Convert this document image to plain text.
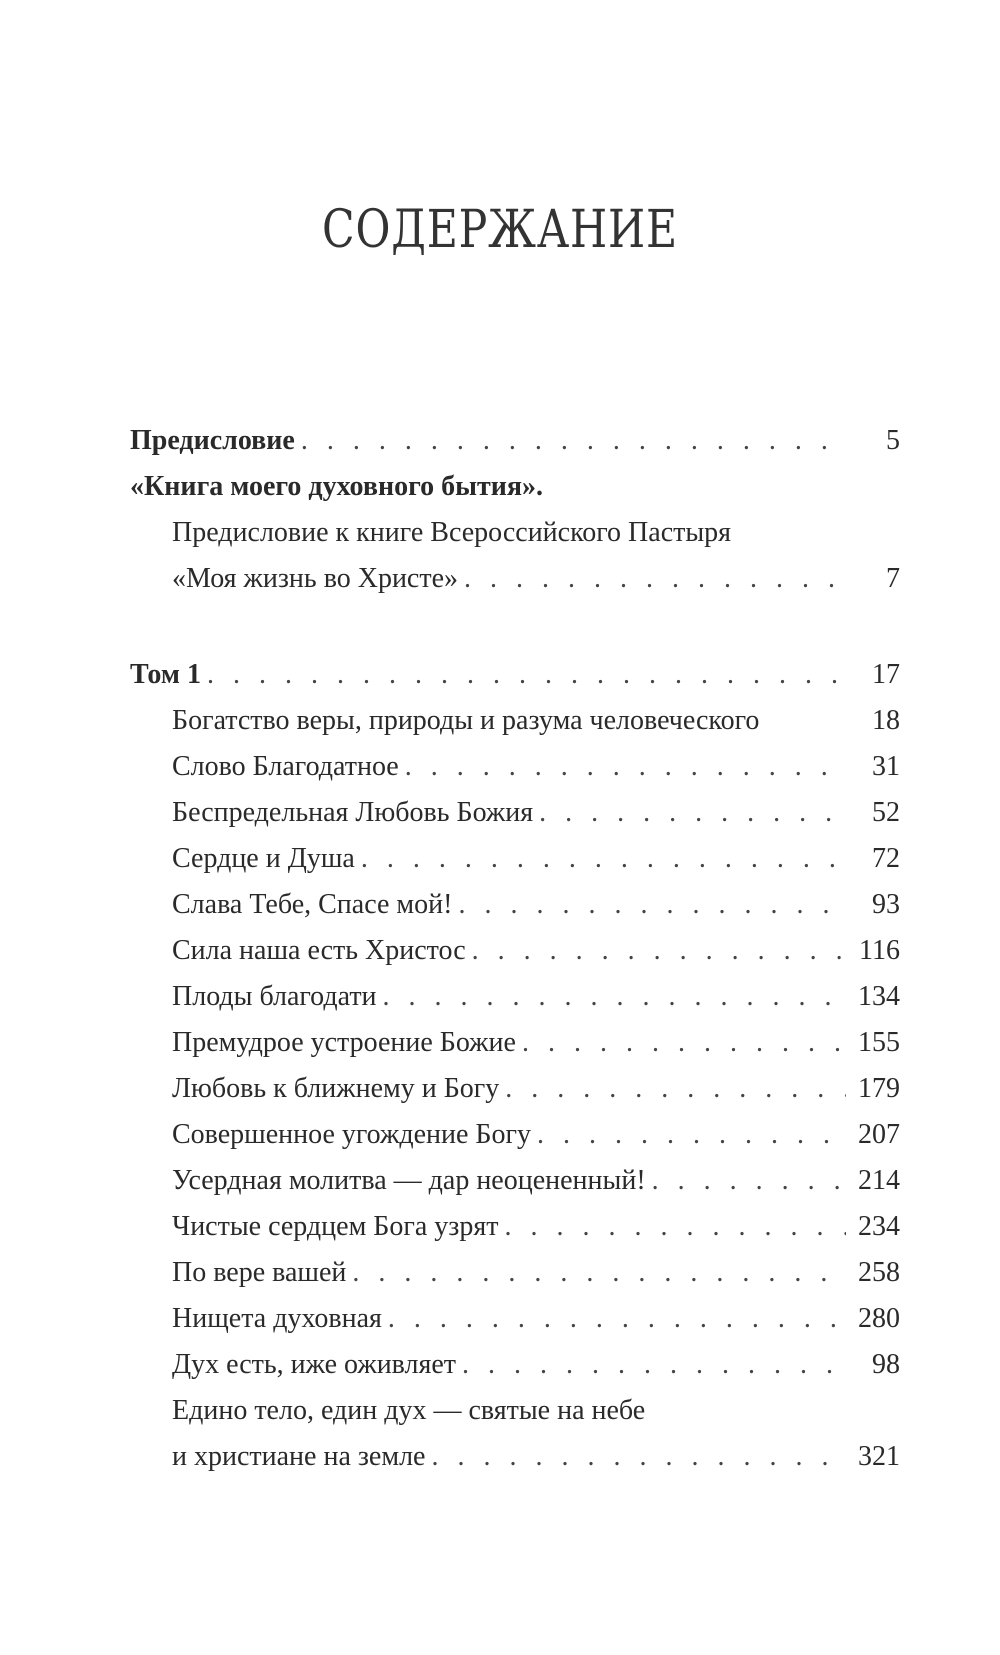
СОДЕРЖАНИЕ
Предисловие . . .	5
«Книга моего духовного бытия».
Предисловие к книге Всероссийского Пастыря
«Моя жизнь во Христе» . . .	7
Том 1 . . .	17
Богатство веры, природы и разума человеческого	18
Слово Благодатное . . .	31
Беспредельная Любовь Божия . . .	52
Сердце и Душа . . .	72
Слава Тебе, Спасе мой! . . .	93
Сила наша есть Христос . . .	116
Плоды благодати . . .	134
Премудрое устроение Божие . . .	155
Любовь к ближнему и Богу . . .	179
Совершенное угождение Богу . . .	207
Усердная молитва — дар неоцененный! . . .	214
Чистые сердцем Бога узрят . . .	234
По вере вашей . . .	258
Нищета духовная . . .	280
Дух есть, иже оживляет . . .	98
Едино тело, един дух — святые на небе
и христиане на земле . . .	321
